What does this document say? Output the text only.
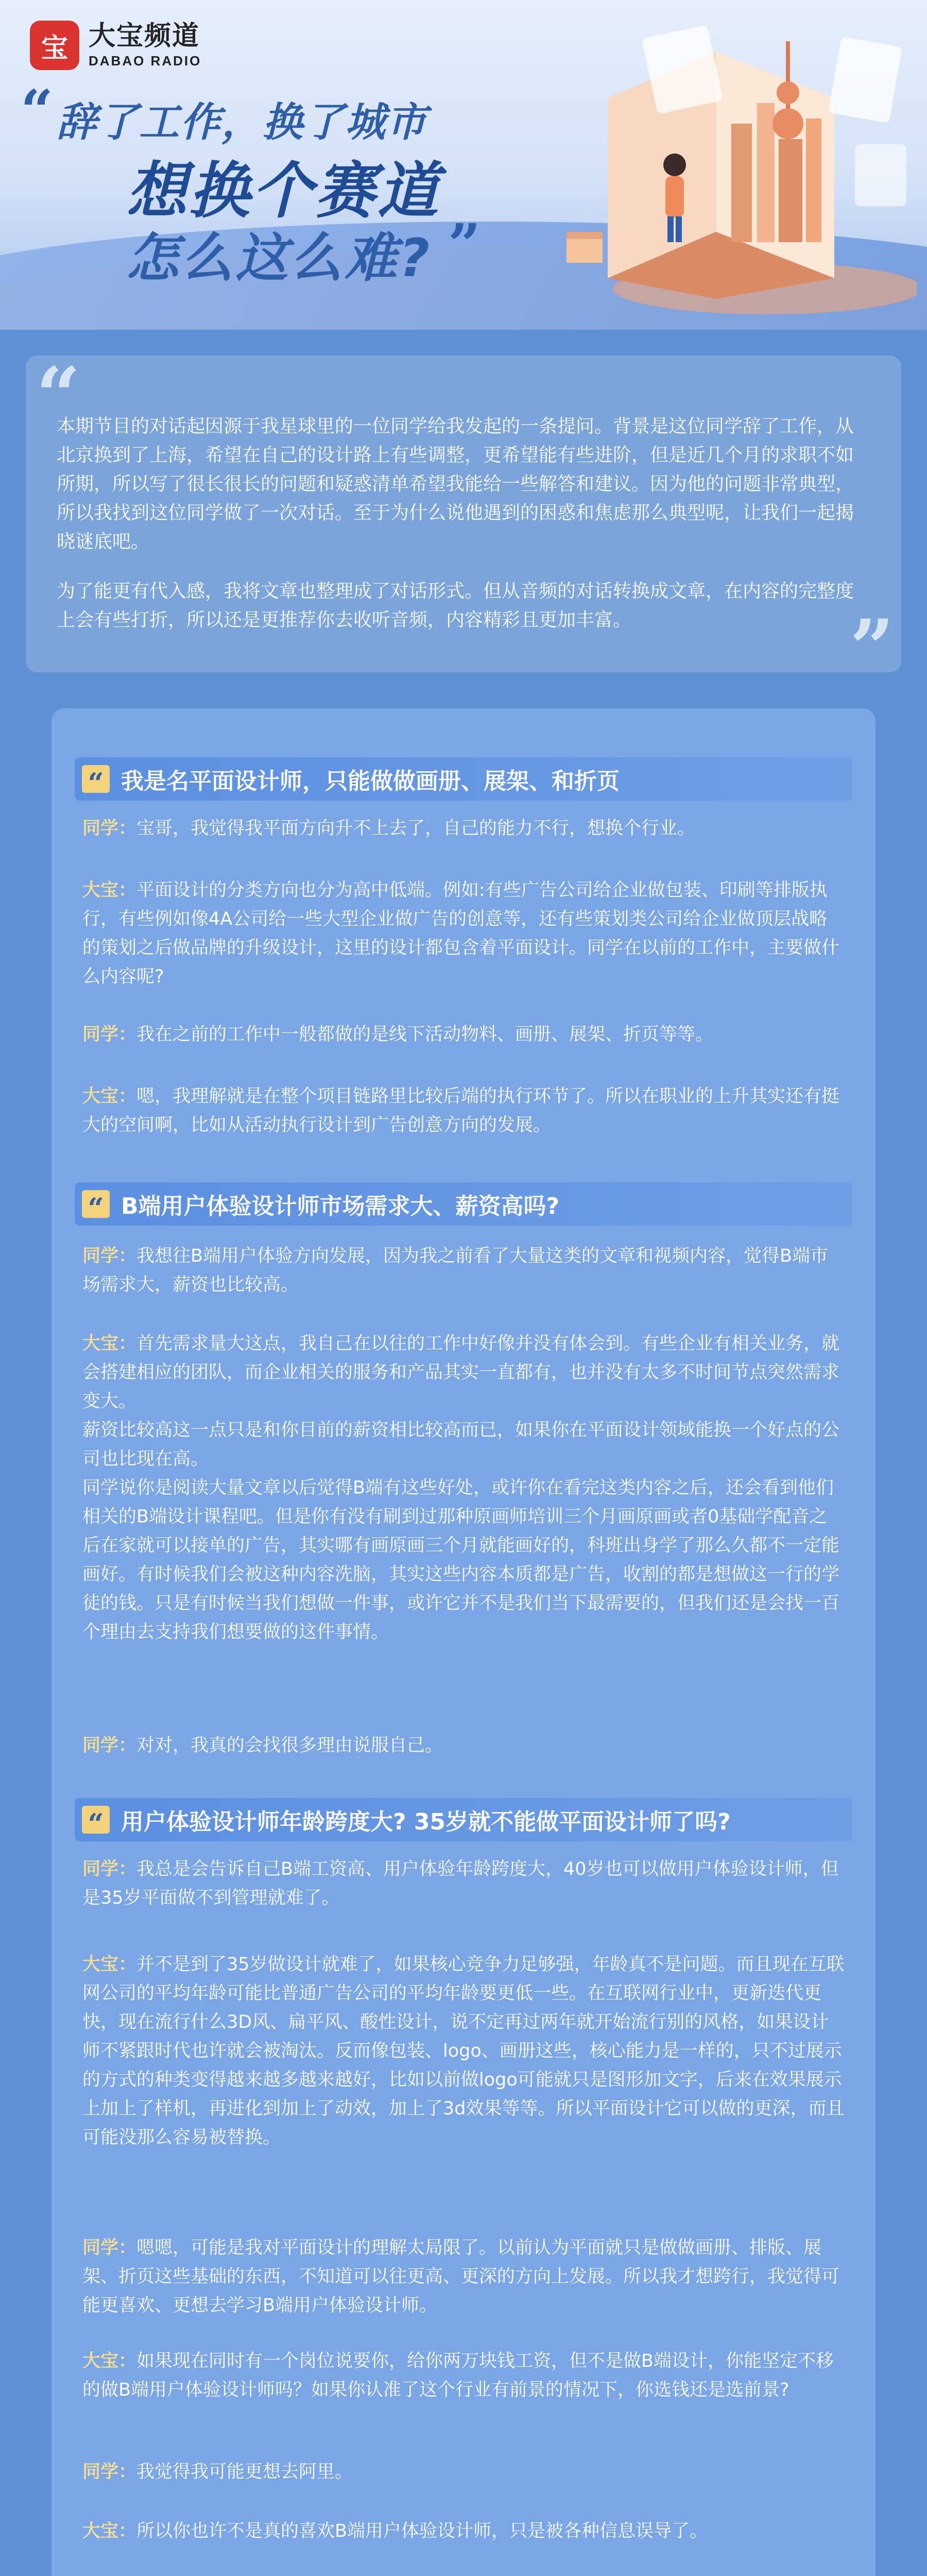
宝 大宝频道
DABAO RADIO
“ 辞了工作，换了城市
想换个赛道
怎么这么难? ”
“

本期节目的对话起因源于我星球里的一位同学给我发起的一条提问。背景是这位同学辞了工作，从北京换到了上海，希望在自己的设计路上有些调整，更希望能有些进阶，但是近几个月的求职不如所期，所以写了很长很长的问题和疑惑清单希望我能给一些解答和建议。因为他的问题非常典型，所以我找到这位同学做了一次对话。至于为什么说他遇到的困惑和焦虑那么典型呢，让我们一起揭晓谜底吧。

为了能更有代入感，我将文章也整理成了对话形式。但从音频的对话转换成文章，在内容的完整度上会有些打折，所以还是更推荐你去收听音频，内容精彩且更加丰富。	”
“ 我是名平面设计师，只能做做画册、展架、和折页

同学：宝哥，我觉得我平面方向升不上去了，自己的能力不行，想换个行业。

大宝：平面设计的分类方向也分为高中低端。例如:有些广告公司给企业做包装、印刷等排版执行，有些例如像4A公司给一些大型企业做广告的创意等，还有些策划类公司给企业做顶层战略的策划之后做品牌的升级设计，这里的设计都包含着平面设计。同学在以前的工作中，主要做什么内容呢?

同学：我在之前的工作中一般都做的是线下活动物料、画册、展架、折页等等。

大宝：嗯，我理解就是在整个项目链路里比较后端的执行环节了。所以在职业的上升其实还有挺大的空间啊，比如从活动执行设计到广告创意方向的发展。

“ B端用户体验设计师市场需求大、薪资高吗?

同学：我想往B端用户体验方向发展，因为我之前看了大量这类的文章和视频内容，觉得B端市场需求大，薪资也比较高。

大宝：首先需求量大这点，我自己在以往的工作中好像并没有体会到。有些企业有相关业务，就会搭建相应的团队，而企业相关的服务和产品其实一直都有，也并没有太多不时间节点突然需求变大。
薪资比较高这一点只是和你目前的薪资相比较高而已，如果你在平面设计领域能换一个好点的公司也比现在高。
同学说你是阅读大量文章以后觉得B端有这些好处，或许你在看完这类内容之后，还会看到他们相关的B端设计课程吧。但是你有没有刷到过那种原画师培训三个月画原画或者0基础学配音之后在家就可以接单的广告，其实哪有画原画三个月就能画好的，科班出身学了那么久都不一定能画好。有时候我们会被这种内容洗脑，其实这些内容本质都是广告，收割的都是想做这一行的学徒的钱。只是有时候当我们想做一件事，或许它并不是我们当下最需要的，但我们还是会找一百个理由去支持我们想要做的这件事情。

同学：对对，我真的会找很多理由说服自己。

“ 用户体验设计师年龄跨度大? 35岁就不能做平面设计师了吗?

同学：我总是会告诉自己B端工资高、用户体验年龄跨度大，40岁也可以做用户体验设计师，但是35岁平面做不到管理就难了。

大宝：并不是到了35岁做设计就难了，如果核心竞争力足够强，年龄真不是问题。而且现在互联网公司的平均年龄可能比普通广告公司的平均年龄要更低一些。在互联网行业中，更新迭代更快，现在流行什么3D风、扁平风、酸性设计，说不定再过两年就开始流行别的风格，如果设计师不紧跟时代也许就会被淘汰。反而像包装、logo、画册这些，核心能力是一样的，只不过展示的方式的种类变得越来越多越来越好，比如以前做logo可能就只是图形加文字，后来在效果展示上加上了样机，再进化到加上了动效，加上了3d效果等等。所以平面设计它可以做的更深，而且可能没那么容易被替换。

同学：嗯嗯，可能是我对平面设计的理解太局限了。以前认为平面就只是做做画册、排版、展架、折页这些基础的东西，不知道可以往更高、更深的方向上发展。所以我才想跨行，我觉得可能更喜欢、更想去学习B端用户体验设计师。

大宝：如果现在同时有一个岗位说要你，给你两万块钱工资，但不是做B端设计，你能坚定不移的做B端用户体验设计师吗？如果你认准了这个行业有前景的情况下，你选钱还是选前景?

同学：我觉得我可能更想去阿里。

大宝：所以你也许不是真的喜欢B端用户体验设计师，只是被各种信息误导了。
